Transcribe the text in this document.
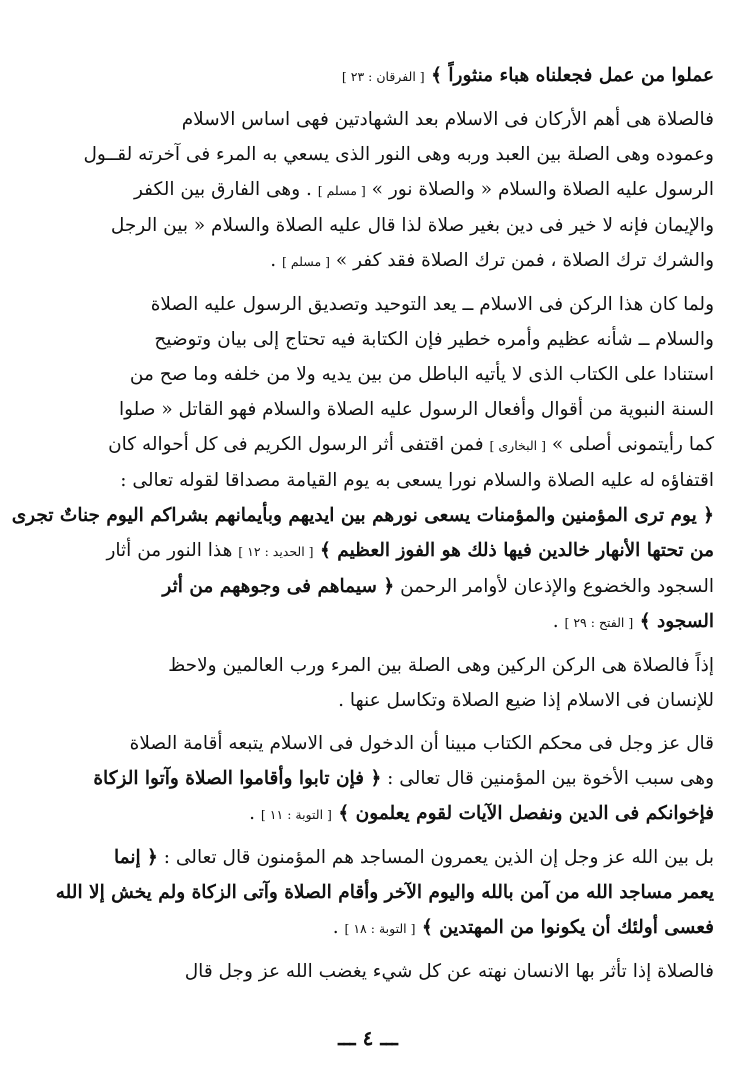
عملوا من عمل فجعلناه هباء منثوراً ﴾ [ الفرقان : ٢٣ ]
فالصلاة هى أهم الأركان فى الاسلام بعد الشهادتين فهى اساس الاسلام
وعموده وهى الصلة بين العبد وربه وهى النور الذى يسعي به المرء فى آخرته لقــول
الرسول عليه الصلاة والسلام « والصلاة نور » [ مسلم ] . وهى الفارق بين الكفر
والإيمان فإنه لا خير فى دين بغير صلاة لذا قال عليه الصلاة والسلام « بين الرجل
والشرك ترك الصلاة ، فمن ترك الصلاة فقد كفر » [ مسلم ] .
ولما كان هذا الركن فى الاسلام ــ يعد التوحيد وتصديق الرسول عليه الصلاة
والسلام ــ شأنه عظيم وأمره خطير فإن الكتابة فيه تحتاج إلى بيان وتوضيح
استنادا على الكتاب الذى لا يأتيه الباطل من بين يديه ولا من خلفه وما صح من
السنة النبوية من أقوال وأفعال الرسول عليه الصلاة والسلام فهو القاتل « صلوا
كما رأيتمونى أصلى » [ البخارى ] فمن اقتفى أثر الرسول الكريم فى كل أحواله كان
اقتفاؤه له عليه الصلاة والسلام نورا يسعى به يوم القيامة مصداقا لقوله تعالى :
﴿ يوم ترى المؤمنين والمؤمنات يسعى نورهم بين ايديهم وبأيمانهم بشراكم اليوم جناتٌ تجرى
من تحتها الأنهار خالدين فيها ذلك هو الفوز العظيم ﴾ [ الحديد : ١٢ ] هذا النور من أثار
السجود والخضوع والإذعان لأوامر الرحمن ﴿ سيماهم فى وجوههم من أثر
السجود ﴾ [ الفتح : ٢٩ ] .
إذاً فالصلاة هى الركن الركين وهى الصلة بين المرء ورب العالمين ولاحظ
للإنسان فى الاسلام إذا ضيع الصلاة وتكاسل عنها .
قال عز وجل فى محكم الكتاب مبينا أن الدخول فى الاسلام يتبعه أقامة الصلاة
وهى سبب الأخوة بين المؤمنين قال تعالى : ﴿ فإن تابوا وأقاموا الصلاة وآتوا الزكاة
فإخوانكم فى الدين ونفصل الآيات لقوم يعلمون ﴾ [ التوبة : ١١ ] .
بل بين الله عز وجل إن الذين يعمرون المساجد هم المؤمنون قال تعالى : ﴿ إنما
يعمر مساجد الله من آمن بالله واليوم الآخر وأقام الصلاة وآتى الزكاة ولم يخش إلا الله
فعسى أولئك أن يكونوا من المهتدين ﴾ [ التوبة : ١٨ ] .
فالصلاة إذا تأثر بها الانسان نهته عن كل شيء يغضب الله عز وجل قال
ـــ ٤ ـــ
